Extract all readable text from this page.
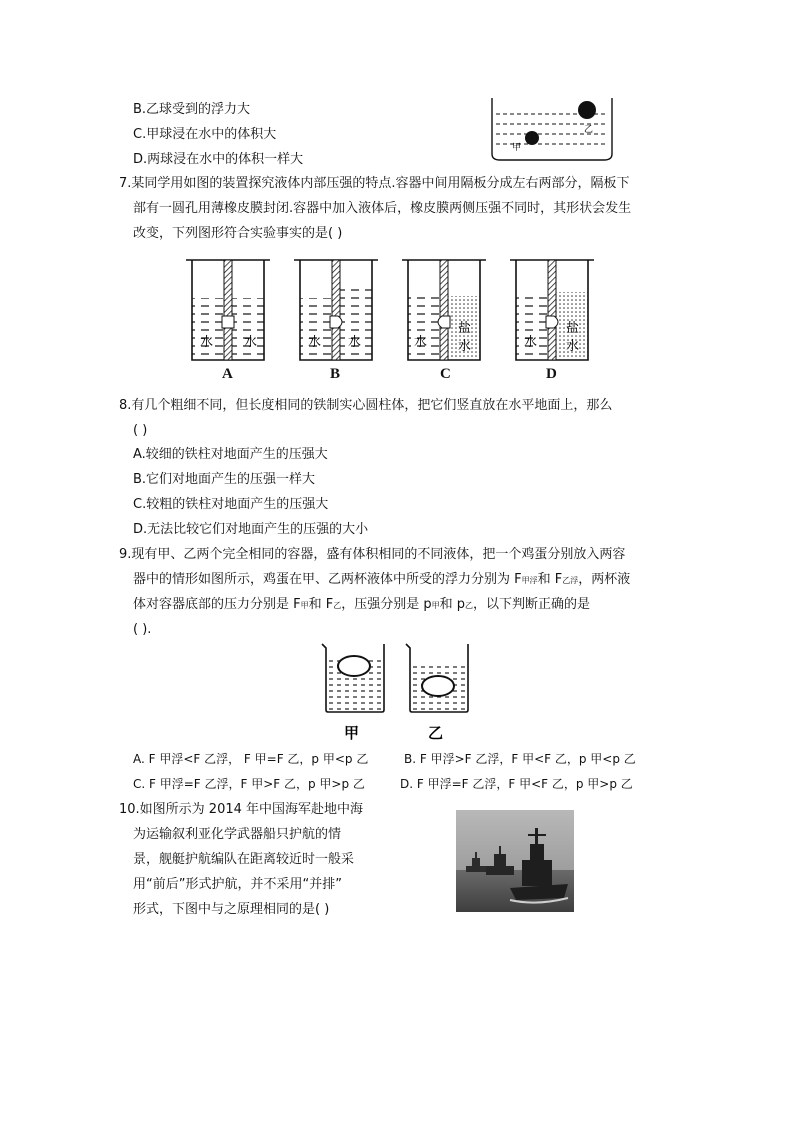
B.乙球受到的浮力大
C.甲球浸在水中的体积大
D.两球浸在水中的体积一样大
乙
甲
7.某同学用如图的装置探究液体内部压强的特点.容器中间用隔板分成左右两部分，隔板下
部有一圆孔用薄橡皮膜封闭.容器中加入液体后，橡皮膜两侧压强不同时，其形状会发生
改变，下列图形符合实验事实的是( )
水 水	水 水	水
盐
水	水
盐
水
A	B	C	D
8.有几个粗细不同，但长度相同的铁制实心圆柱体，把它们竖直放在水平地面上，那么
( )
A.较细的铁柱对地面产生的压强大
B.它们对地面产生的压强一样大
C.较粗的铁柱对地面产生的压强大
D.无法比较它们对地面产生的压强的大小
9.现有甲、乙两个完全相同的容器，盛有体积相同的不同液体，把一个鸡蛋分别放入两容
器中的情形如图所示，鸡蛋在甲、乙两杯液体中所受的浮力分别为 F甲浮和 F乙浮，两杯液
体对容器底部的压力分别是 F甲和 F乙，压强分别是 p甲和 p乙，以下判断正确的是
( ).
甲	乙
A. F 甲浮<F 乙浮， F 甲=F 乙，p 甲<p 乙	B. F 甲浮>F 乙浮，F 甲<F 乙，p 甲<p 乙
C. F 甲浮=F 乙浮，F 甲>F 乙，p 甲>p 乙	D. F 甲浮=F 乙浮，F 甲<F 乙，p 甲>p 乙
10.如图所示为 2014 年中国海军赴地中海
为运输叙利亚化学武器船只护航的情
景，舰艇护航编队在距离较近时一般采
用“前后”形式护航，并不采用“并排”
形式，下图中与之原理相同的是( )
